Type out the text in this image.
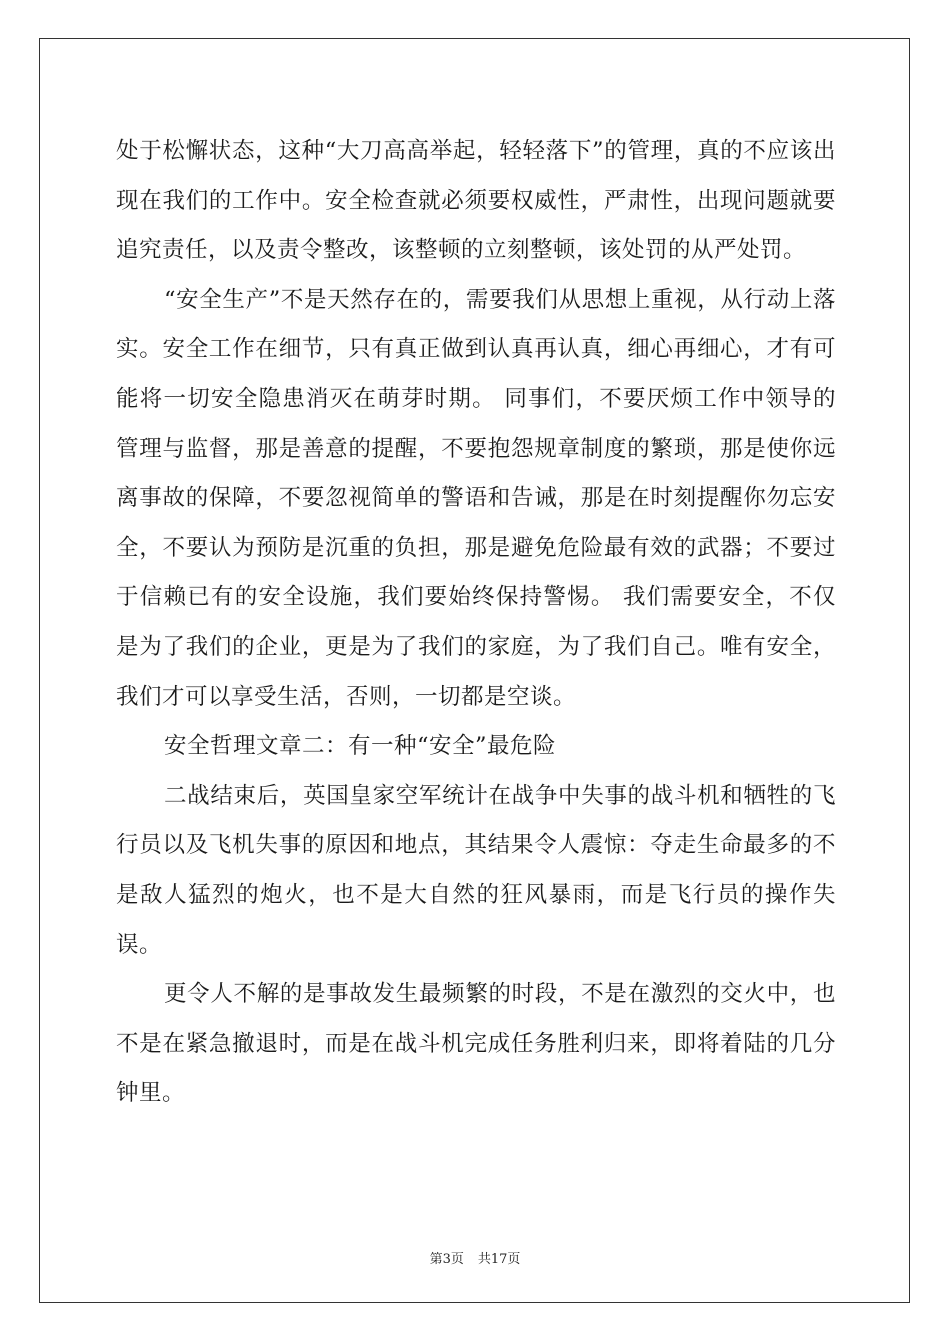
处于松懈状态，这种“大刀高高举起，轻轻落下”的管理，真的不应该出现在我们的工作中。安全检查就必须要权威性，严肃性，出现问题就要追究责任，以及责令整改，该整顿的立刻整顿，该处罚的从严处罚。

“安全生产”不是天然存在的，需要我们从思想上重视，从行动上落实。安全工作在细节，只有真正做到认真再认真，细心再细心，才有可能将一切安全隐患消灭在萌芽时期。 同事们，不要厌烦工作中领导的管理与监督，那是善意的提醒，不要抱怨规章制度的繁琐，那是使你远离事故的保障，不要忽视简单的警语和告诫，那是在时刻提醒你勿忘安全，不要认为预防是沉重的负担，那是避免危险最有效的武器；不要过于信赖已有的安全设施，我们要始终保持警惕。 我们需要安全，不仅是为了我们的企业，更是为了我们的家庭，为了我们自己。唯有安全，我们才可以享受生活，否则，一切都是空谈。

安全哲理文章二：有一种“安全”最危险

二战结束后，英国皇家空军统计在战争中失事的战斗机和牺牲的飞行员以及飞机失事的原因和地点，其结果令人震惊：夺走生命最多的不是敌人猛烈的炮火，也不是大自然的狂风暴雨，而是飞行员的操作失误。

更令人不解的是事故发生最频繁的时段，不是在激烈的交火中，也不是在紧急撤退时，而是在战斗机完成任务胜利归来，即将着陆的几分钟里。

第3页 共17页
